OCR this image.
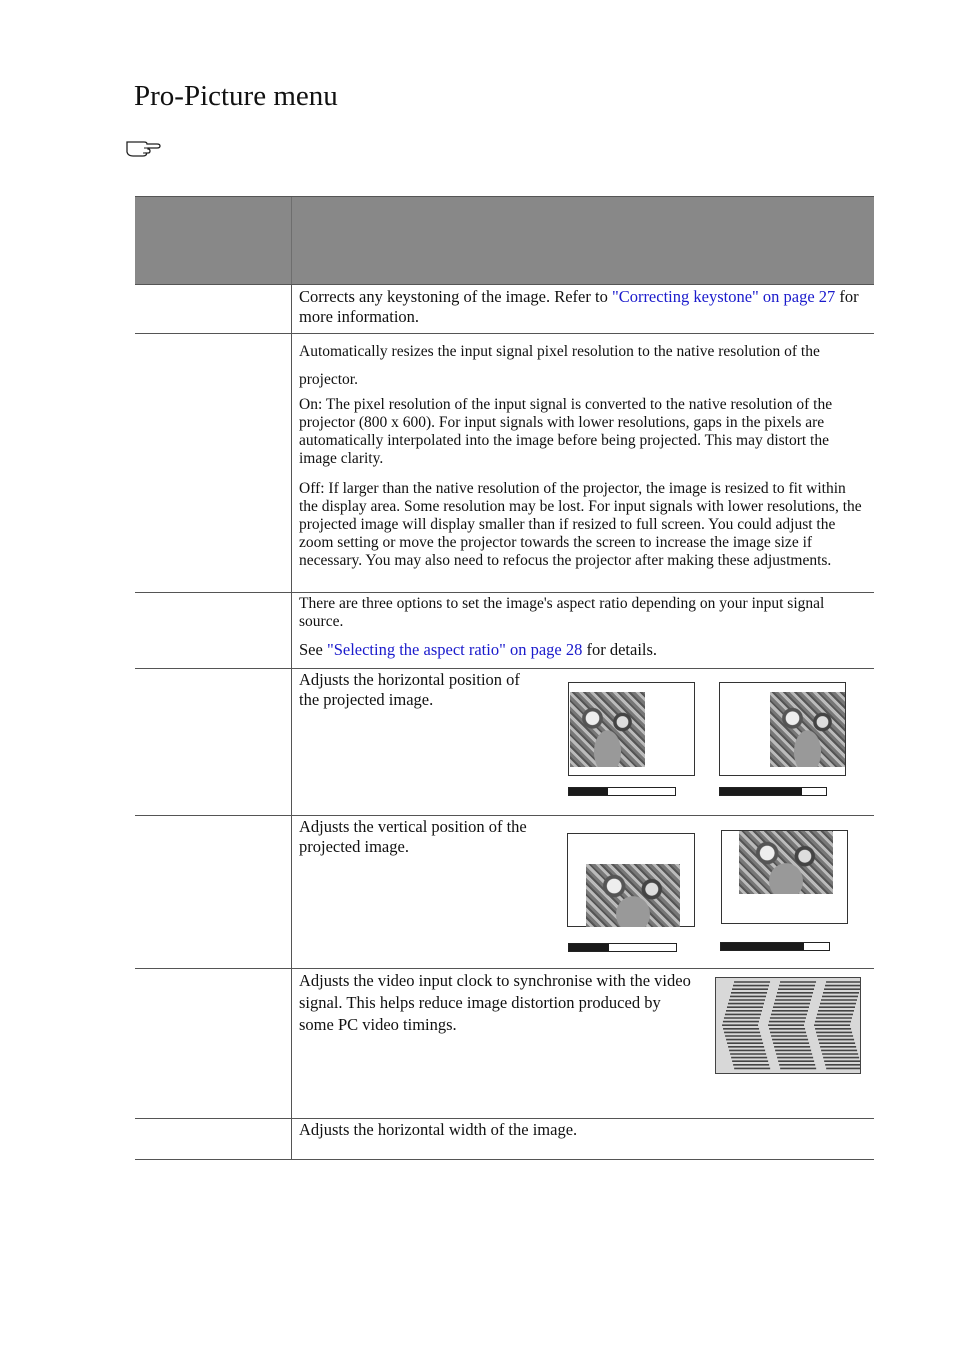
Pro-Picture menu
Corrects any keystoning of the image. Refer to "Correcting keystone" on page 27 for more information.

Automatically resizes the input signal pixel resolution to the native resolution of the projector.

On: The pixel resolution of the input signal is converted to the native resolution of the projector (800 x 600). For input signals with lower resolutions, gaps in the pixels are automatically interpolated into the image before being projected. This may distort the image clarity.

Off: If larger than the native resolution of the projector, the image is resized to fit within the display area. Some resolution may be lost. For input signals with lower resolutions, the projected image will display smaller than if resized to full screen. You could adjust the zoom setting or move the projector towards the screen to increase the image size if necessary. You may also need to refocus the projector after making these adjustments.

There are three options to set the image's aspect ratio depending on your input signal source.

See "Selecting the aspect ratio" on page 28 for details.

Adjusts the horizontal position of the projected image.
Adjusts the vertical position of the projected image.
Adjusts the video input clock to synchronise with the video signal. This helps reduce image distortion produced by some PC video timings.
Adjusts the horizontal width of the image.
